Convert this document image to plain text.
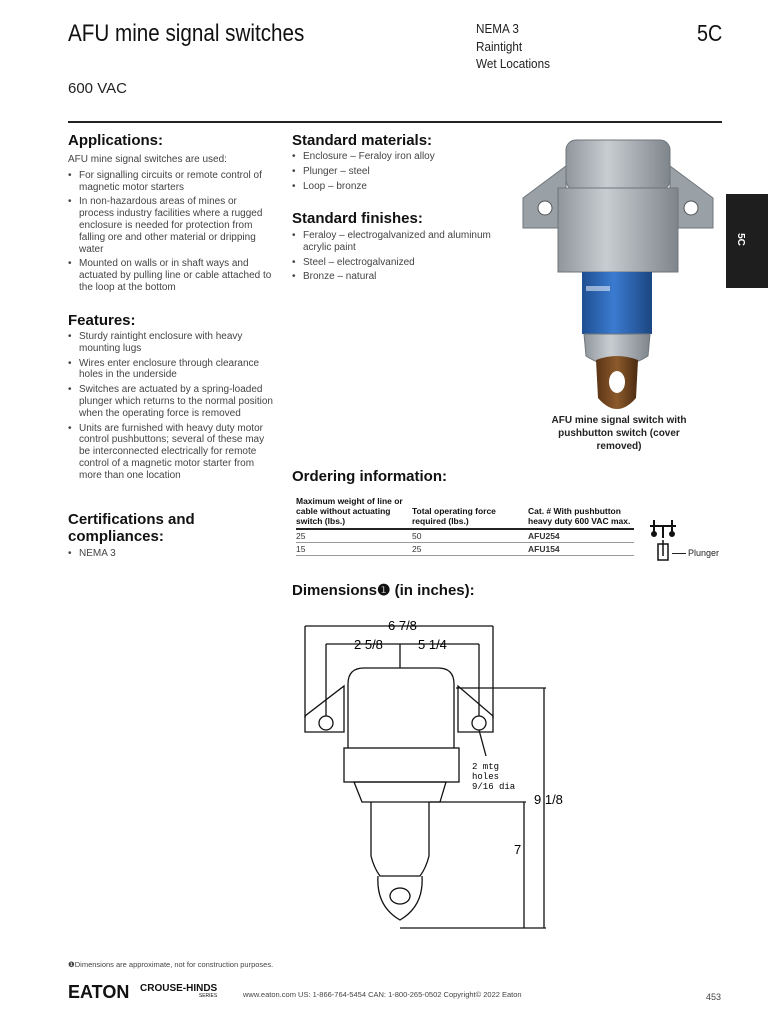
AFU mine signal switches
600 VAC
NEMA 3
Raintight
Wet Locations
5C
5C
Applications:

AFU mine signal switches are used:

• For signalling circuits or remote control of magnetic motor starters
• In non-hazardous areas of mines or process industry facilities where a rugged enclosure is needed for protection from falling ore and other material or dripping water
• Mounted on walls or in shaft ways and actuated by pulling line or cable attached to the loop at the bottom
Features:
• Sturdy raintight enclosure with heavy mounting lugs
• Wires enter enclosure through clearance holes in the underside
• Switches are actuated by a spring-loaded plunger which returns to the normal position when the operating force is removed
• Units are furnished with heavy duty motor control pushbuttons; several of these may be interconnected electrically for remote control of a magnetic motor starter from more than one location
Certifications and
compliances:
• NEMA 3
Standard materials:
• Enclosure – Feraloy iron alloy
• Plunger – steel
• Loop – bronze
Standard finishes:
• Feraloy – electrogalvanized and aluminum acrylic paint
• Steel – electrogalvanized
• Bronze – natural
AFU mine signal switch with pushbutton switch (cover removed)
Ordering information:
Maximum weight of line or cable without actuating switch (lbs.)	Total operating force required (lbs.)	Cat. # With pushbutton heavy duty 600 VAC max.
25	50	AFU254
15	25	AFU154	Plunger
Dimensions❶ (in inches):
6 7/8
5 1/4
2 5/8
2 mtg
holes
9/16 dia
9 1/8
7
❶Dimensions are approximate, not for construction purposes.
EATON CROUSE-HINDS
SERIES	www.eaton.com US: 1-866-764-5454 CAN: 1-800-265-0502 Copyright© 2022 Eaton	453
